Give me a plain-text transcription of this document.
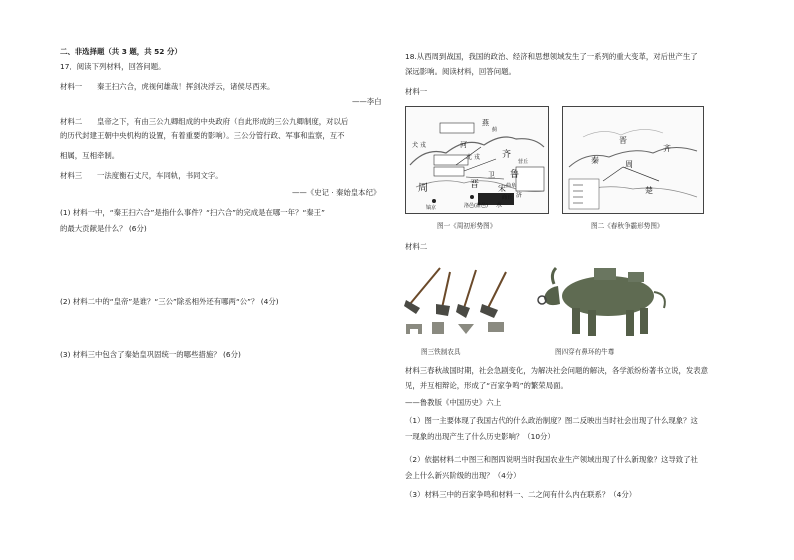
二、非选择题（共 3 题，共 52 分）
17．阅读下列材料，回答问题。
材料一 秦王扫六合，虎视何雄哉！挥剑决浮云，诸侯尽西来。
——李白
材料二 皇帝之下，有由三公九卿组成的中央政府（自此形成的三公九卿制度，对以后
的历代封建王朝中央机构的设置，有着重要的影响）。三公分管行政、军事和监察，互不
相属，互相牵制。
材料三 一法度衡石丈尺，车同轨，书同文字。
——《史记 · 秦始皇本纪》
(1) 材料一中，“秦王扫六合”是指什么事件？“扫六合”的完成是在哪一年？“秦王”
的最大贡献是什么？ (6分)
(2) 材料二中的“皇帝”是谁？“三公”除丞相外还有哪两“公”？ (4分)
(3) 材料三中包含了秦始皇巩固统一的哪些措施？ (6分)
18.从西周到战国，我国的政治、经济和思想领域发生了一系列的重大变革，对后世产生了
深远影响。阅读材料，回答问题。
材料一
河
北 戎
燕
蓟
齐
营丘
鲁
曲阜
宋
商丘
卫
晋
周
镐京	洛邑(雒邑)
犬 戎
济
水
晋
秦
齐
楚
周
图一《周初形势图》	图二《春秋争霸形势图》
材料二
图三铁制农具	图四穿有鼻环的牛尊
材料三春秋战国时期，社会急剧变化，为解决社会问题的解决，各学派纷纷著书立说，发表意
见，并互相辩论，形成了“百家争鸣”的繁荣局面。
——鲁教版《中国历史》六上
（1）图一主要体现了我国古代的什么政治制度？图二反映出当时社会出现了什么现象？这
一现象的出现产生了什么历史影响？（10分）
（2）依据材料二中图三和图四说明当时我国农业生产领域出现了什么新现象？这导致了社
会上什么新兴阶级的出现？（4分）
（3）材料三中的百家争鸣和材料一、二之间有什么内在联系？（4分）
